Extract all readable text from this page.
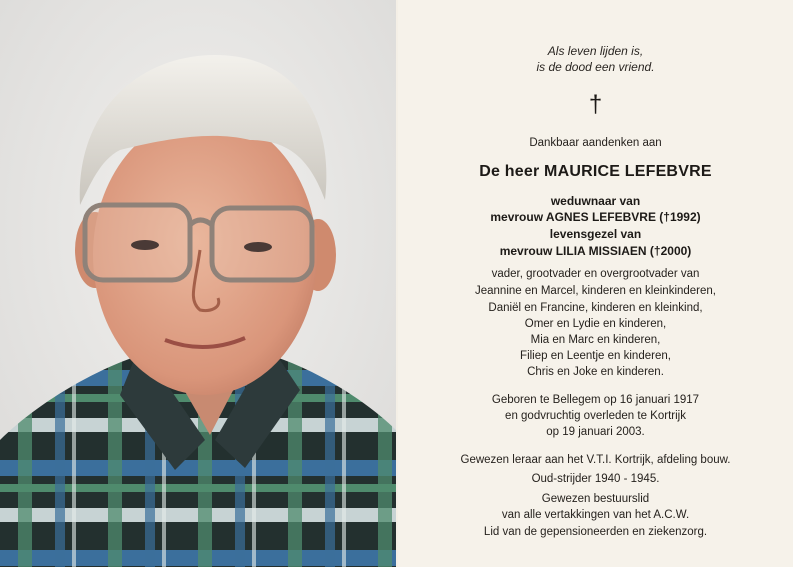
Als leven lijden is,
is de dood een vriend.
†
Dankbaar aandenken aan
De heer MAURICE LEFEBVRE
weduwnaar van
mevrouw AGNES LEFEBVRE (†1992)
levensgezel van
mevrouw LILIA MISSIAEN (†2000)
vader, grootvader en overgrootvader van
Jeannine en Marcel, kinderen en kleinkinderen,
Daniël en Francine, kinderen en kleinkind,
Omer en Lydie en kinderen,
Mia en Marc en kinderen,
Filiep en Leentje en kinderen,
Chris en Joke en kinderen.
Geboren te Bellegem op 16 januari 1917
en godvruchtig overleden te Kortrijk
op 19 januari 2003.
Gewezen leraar aan het V.T.I. Kortrijk, afdeling bouw.
Oud-strijder 1940 - 1945.
Gewezen bestuurslid
van alle vertakkingen van het A.C.W.
Lid van de gepensioneerden en ziekenzorg.
